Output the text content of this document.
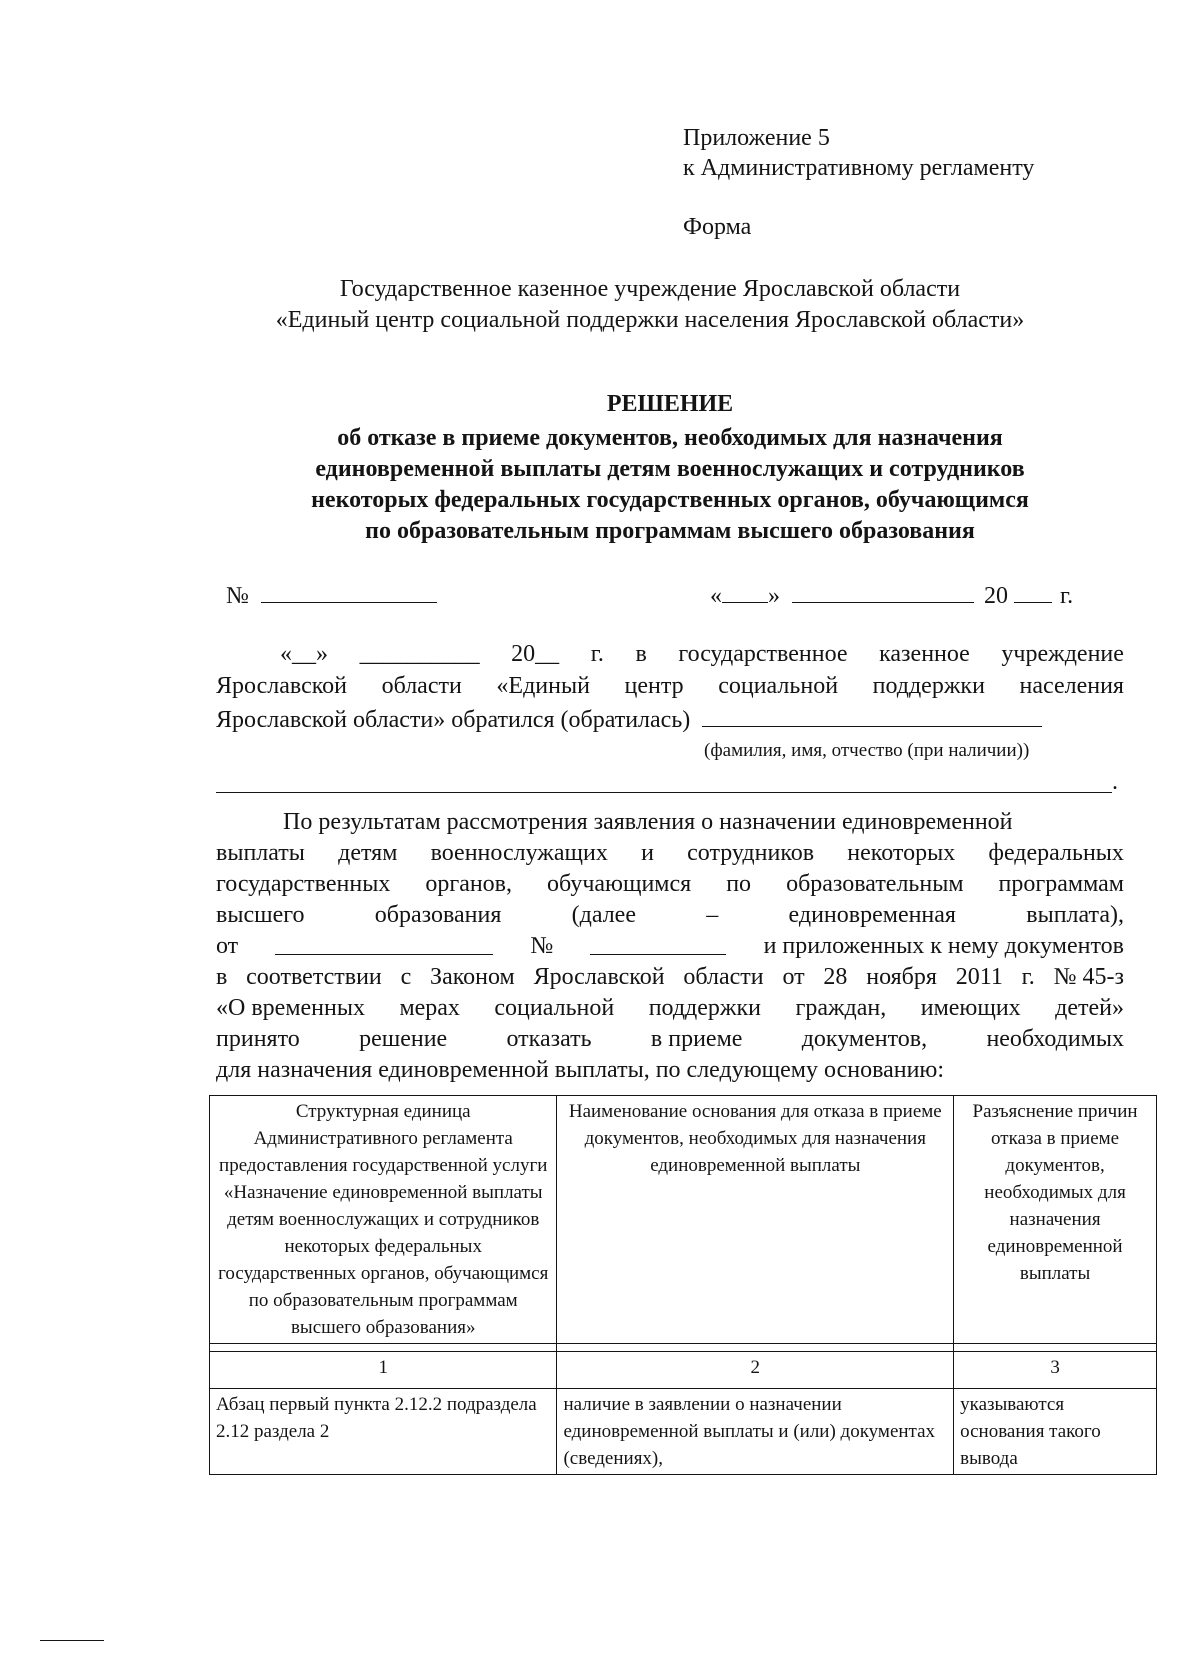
Приложение 5
к Административному регламенту
Форма
Государственное казенное учреждение Ярославской области
«Единый центр социальной поддержки населения Ярославской области»
РЕШЕНИЕ
об отказе в приеме документов, необходимых для назначения
единовременной выплаты детям военнослужащих и сотрудников
некоторых федеральных государственных органов, обучающимся
по образовательным программам высшего образования
№	« »	20 г.
«__» __________ 20__ г. в государственное казенное учреждение
Ярославской области «Единый центр социальной поддержки населения
Ярославской области» обратился (обратилась)
(фамилия, имя, отчество (при наличии))
.
По результатам рассмотрения заявления о назначении единовременной
выплаты детям военнослужащих и сотрудников некоторых федеральных
государственных органов, обучающимся по образовательным программам
высшего	образования	(далее	–	единовременная	выплата),
от	№	и приложенных к нему документов
в соответствии с Законом Ярославской области от 28 ноября 2011 г. № 45-з
«О временных мерах социальной поддержки граждан, имеющих детей»
принято решение отказать в приеме документов, необходимых
для назначения единовременной выплаты, по следующему основанию:
Структурная единица Административного регламента предоставления государственной услуги «Назначение единовременной выплаты детям военнослужащих и сотрудников некоторых федеральных государственных органов, обучающимся по образовательным программам высшего образования»	Наименование основания для отказа в приеме документов, необходимых для назначения единовременной выплаты	Разъяснение причин отказа в приеме документов, необходимых для назначения единовременной выплаты

1	2	3
Абзац первый пункта 2.12.2 подраздела 2.12 раздела 2	наличие в заявлении о назначении единовременной выплаты и (или) документах (сведениях),	указываются основания такого вывода
